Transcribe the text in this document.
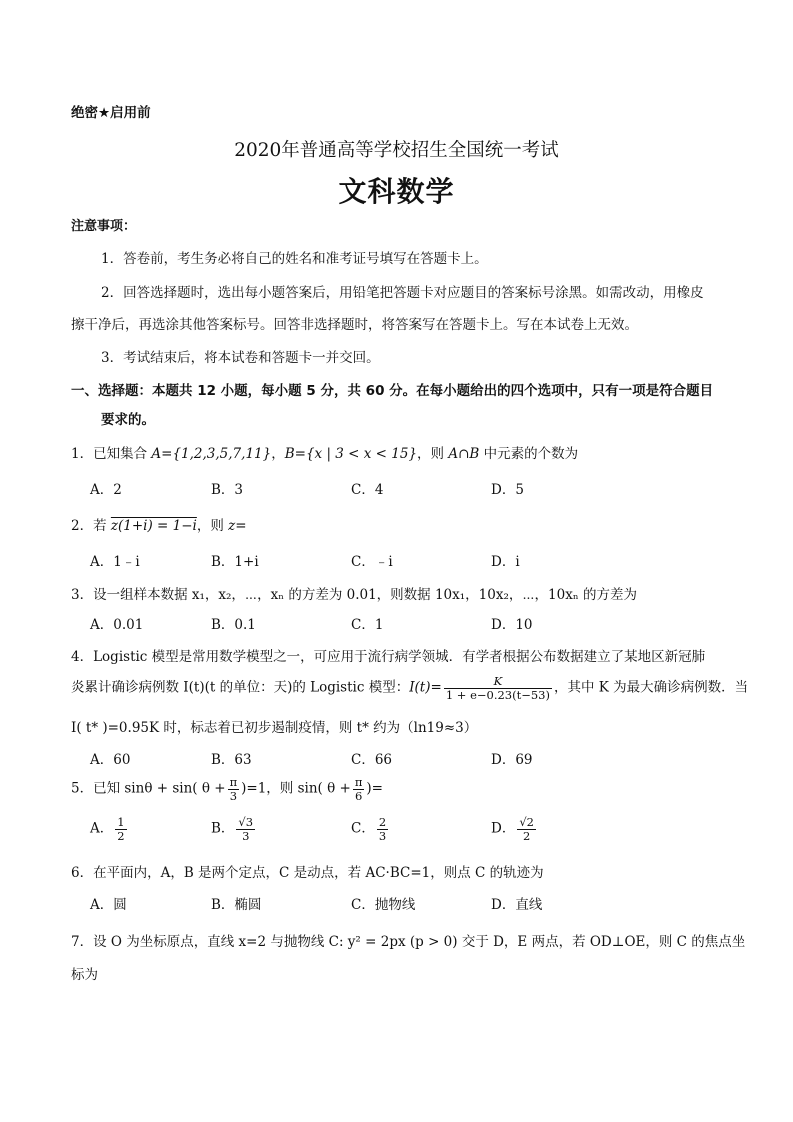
绝密★启用前
2020年普通高等学校招生全国统一考试
文科数学
注意事项：
1．答卷前，考生务必将自己的姓名和准考证号填写在答题卡上。
2．回答选择题时，选出每小题答案后，用铅笔把答题卡对应题目的答案标号涂黑。如需改动，用橡皮
擦干净后，再选涂其他答案标号。回答非选择题时，将答案写在答题卡上。写在本试卷上无效。
3．考试结束后，将本试卷和答题卡一并交回。
一、选择题：本题共 12 小题，每小题 5 分，共 60 分。在每小题给出的四个选项中，只有一项是符合题目
要求的。
1．已知集合 A={1,2,3,5,7,11}，B={x | 3 < x < 15}，则 A∩B 中元素的个数为
A．2	B．3	C．4	D．5
2．若 z(1+i) = 1−i，则 z=
A．1﹣i	B．1+i	C．﹣i	D．i
3．设一组样本数据 x₁，x₂，⋯，xₙ 的方差为 0.01，则数据 10x₁，10x₂，⋯，10xₙ 的方差为
A．0.01	B．0.1	C．1	D．10
4．Logistic 模型是常用数学模型之一，可应用于流行病学领城．有学者根据公布数据建立了某地区新冠肺
炎累计确诊病例数 I(t)(t 的单位：天)的 Logistic 模型：$I(t)= \frac{K}{1 + e-0.23(t-53)}$ ，其中 K 为最大确诊病例数．当
I( t* )=0.95K 时，标志着已初步遏制疫情，则 t* 约为（ln19≈3）
A．60	B．63	C．66	D．69
5．已知 sinθ + sin( $\theta + \frac{\pi}{3} )=1$，则 sin( $\theta + \frac{\pi}{6}$ )=
A． $\frac{1}{2}$	B． $\frac{√3}{3}$	C． $\frac{2}{3}$	D． $\frac{√2}{2}$
6．在平面内，A，B 是两个定点，C 是动点，若 AC·BC=1，则点 C 的轨迹为
A．圆	B．椭圆	C．抛物线	D．直线
7．设 O 为坐标原点，直线 x=2 与抛物线 C: y² = 2px (p > 0) 交于 D，E 两点，若 OD⊥OE，则 C 的焦点坐
标为
